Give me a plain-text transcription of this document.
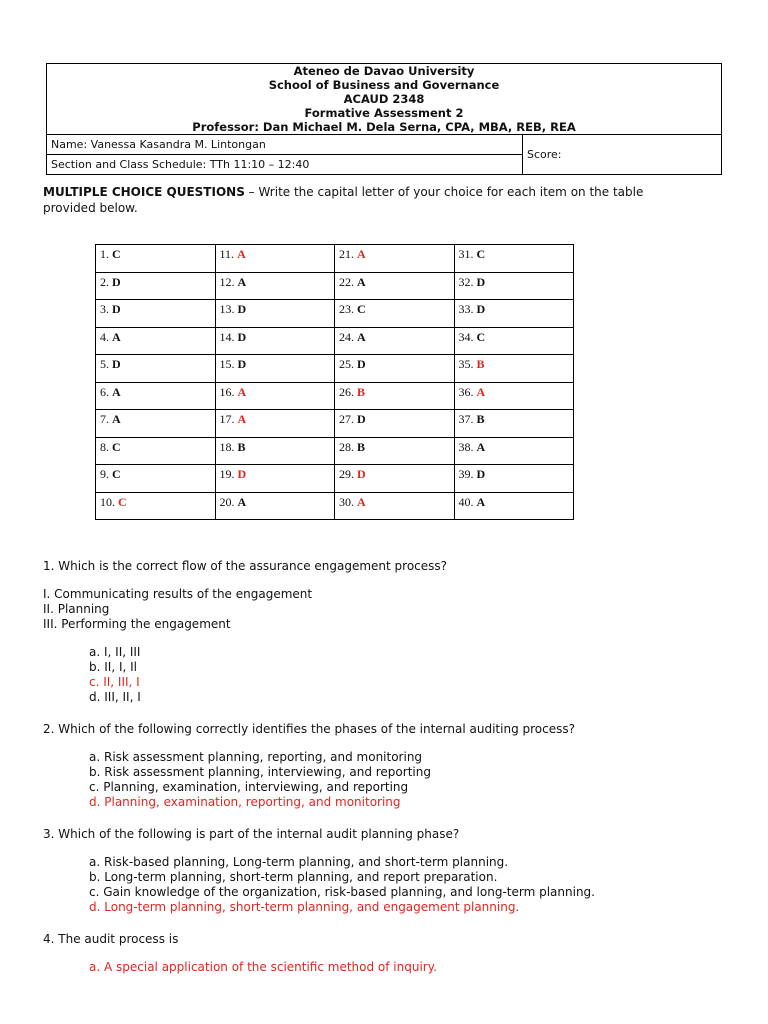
Ateneo de Davao University
School of Business and Governance
ACAUD 2348
Formative Assessment 2
Professor: Dan Michael M. Dela Serna, CPA, MBA, REB, REA
Name: Vanessa Kasandra M. Lintongan	Score:
Section and Class Schedule: TTh 11:10 – 12:40
MULTIPLE CHOICE QUESTIONS – Write the capital letter of your choice for each item on the table provided below.
1. C	11. A	21. A	31. C
2. D	12. A	22. A	32. D
3. D	13. D	23. C	33. D
4. A	14. D	24. A	34. C
5. D	15. D	25. D	35. B
6. A	16. A	26. B	36. A
7. A	17. A	27. D	37. B
8. C	18. B	28. B	38. A
9. C	19. D	29. D	39. D
10. C	20. A	30. A	40. A

1. Which is the correct flow of the assurance engagement process?

I. Communicating results of the engagement

II. Planning

III. Performing the engagement

a. I, II, III

b. II, I, Il

c. II, III, I

d. III, II, I

2. Which of the following correctly identifies the phases of the internal auditing process?

a. Risk assessment planning, reporting, and monitoring

b. Risk assessment planning, interviewing, and reporting

c. Planning, examination, interviewing, and reporting

d. Planning, examination, reporting, and monitoring

3. Which of the following is part of the internal audit planning phase?

a. Risk-based planning, Long-term planning, and short-term planning.

b. Long-term planning, short-term planning, and report preparation.

c. Gain knowledge of the organization, risk-based planning, and long-term planning.

d. Long-term planning, short-term planning, and engagement planning.

4. The audit process is

a. A special application of the scientific method of inquiry.
